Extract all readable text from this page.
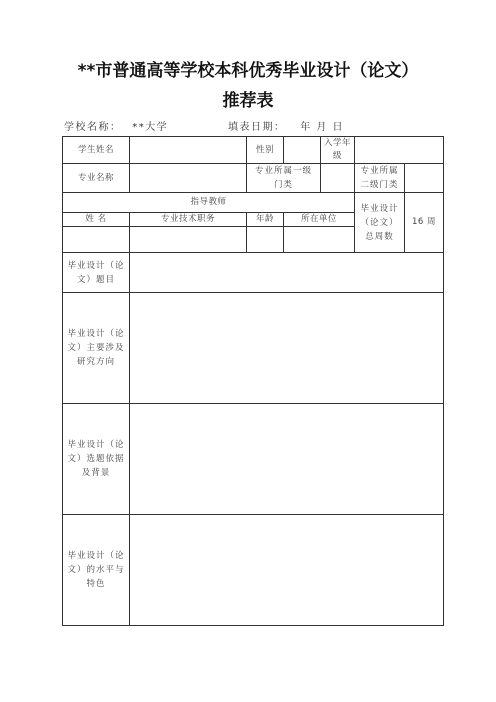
**市普通高等学校本科优秀毕业设计（论文）
推荐表
学校名称： **大学	填表日期： 年 月 日
学生姓名		性别		入学年级		

专业名称		专业所属一级门类			专业所属二级门类	

指导教师					毕业设计（论文）总周数	16 周

姓 名	专业技术职务	年龄	所在单位			

毕业设计（论文）题目						

毕业设计（论文）主要涉及研究方向						

毕业设计（论文）选题依据及背景						

毕业设计（论文）的水平与特色						
